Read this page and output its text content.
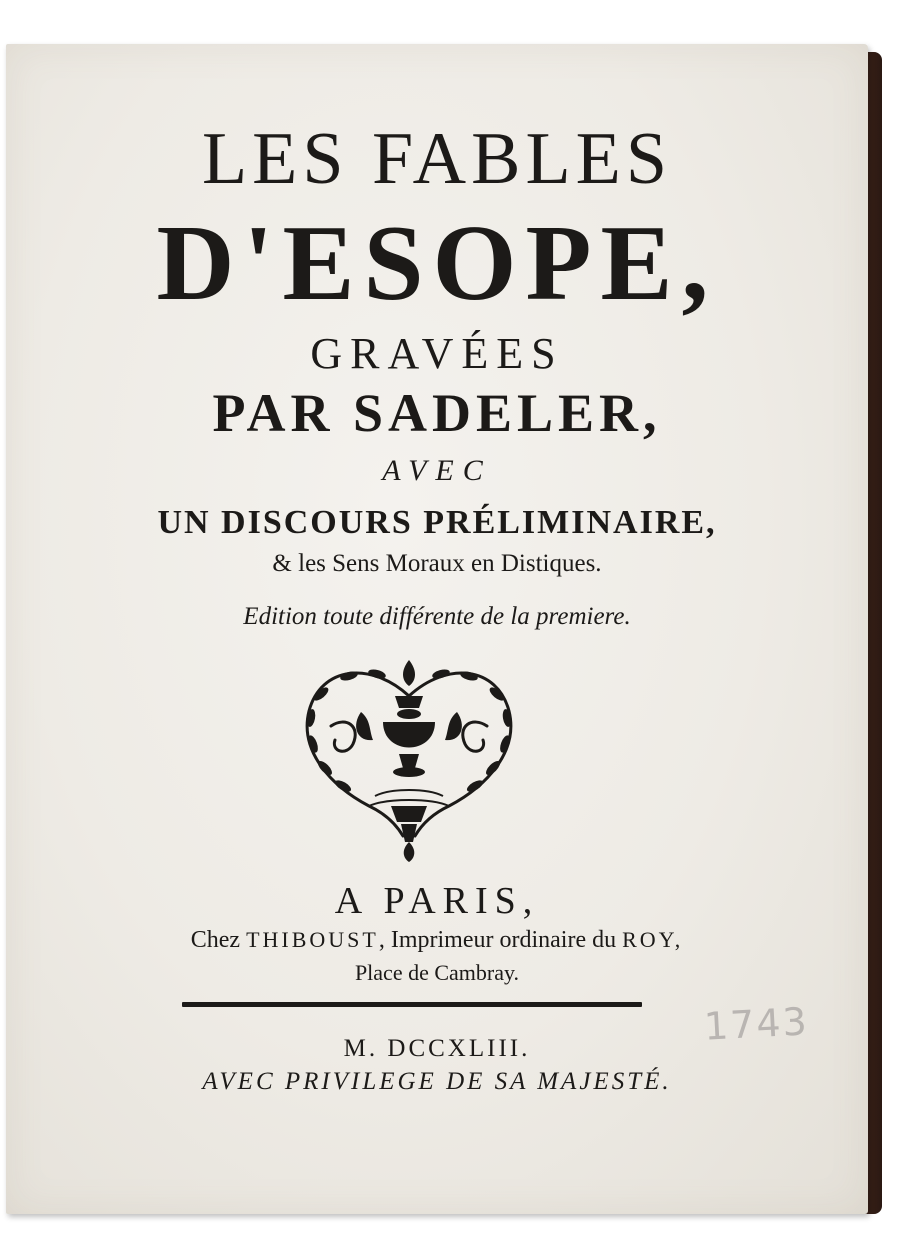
LES FABLES
D'ESOPE,
GRAVÉES
PAR SADELER,
AVEC
UN DISCOURS PRÉLIMINAIRE,
& les Sens Moraux en Distiques.
Edition toute différente de la premiere.
A PARIS,
Chez THIBOUST, Imprimeur ordinaire du ROY,
Place de Cambray.
M. DCCXLIII.
AVEC PRIVILEGE DE SA MAJESTÉ.
1743
